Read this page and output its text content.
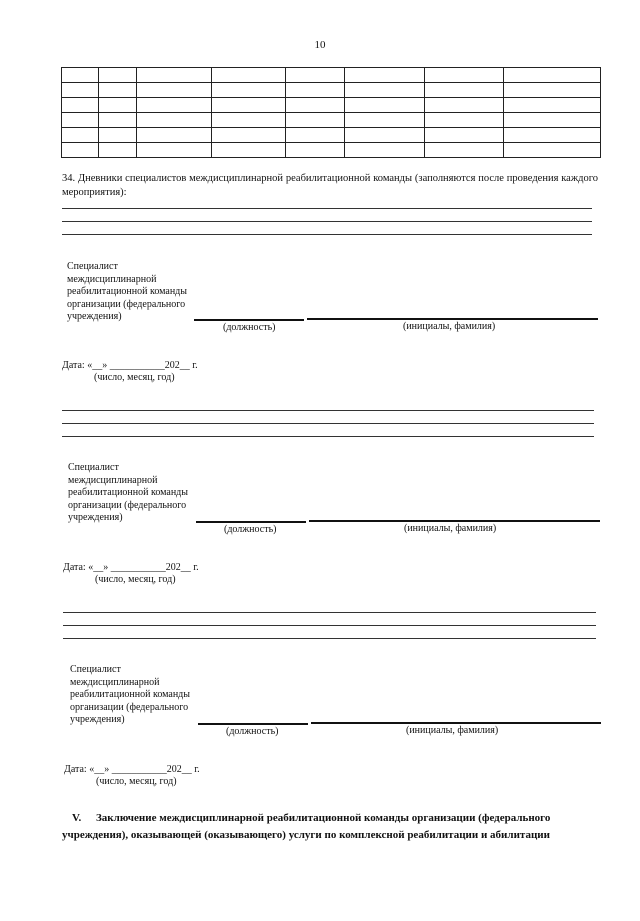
10

34. Дневники специалистов междисциплинарной реабилитационной команды (заполняются после проведения каждого мероприятия):
Специалист междисциплинарной реабилитационной команды организации (федерального учреждения)
(должность)	(инициалы, фамилия)
Дата: «__» ___________202__ г.
(число, месяц, год)
Специалист междисциплинарной реабилитационной команды организации (федерального учреждения)
(должность)	(инициалы, фамилия)
Дата: «__» ___________202__ г.
(число, месяц, год)
Специалист междисциплинарной реабилитационной команды организации (федерального учреждения)
(должность)	(инициалы, фамилия)
Дата: «__» ___________202__ г.
(число, месяц, год)
V. Заключение междисциплинарной реабилитационной команды организации (федерального учреждения), оказывающей (оказывающего) услуги по комплексной реабилитации и абилитации
